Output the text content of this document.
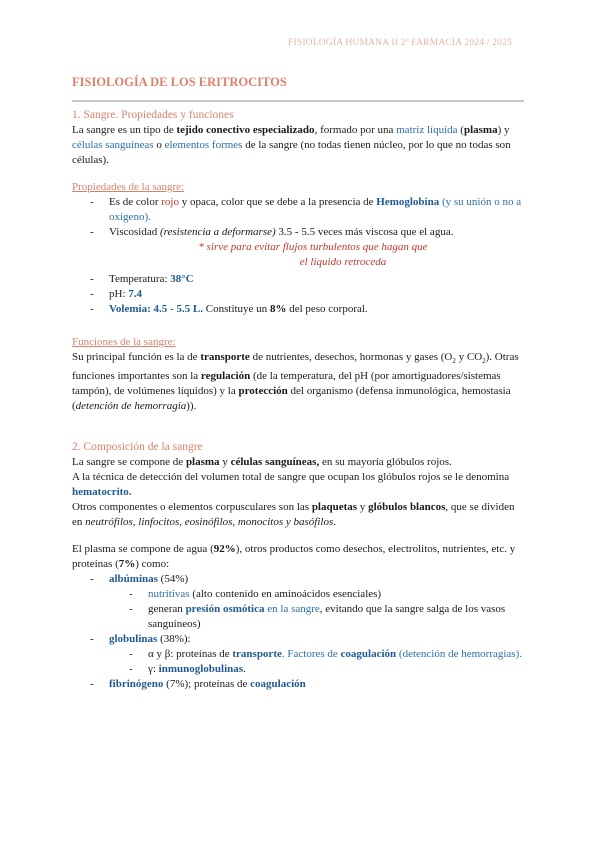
FISIOLOGÍA HUMANA II 2º FARMACIA 2024 / 2025
FISIOLOGÍA DE LOS ERITROCITOS

1. Sangre. Propiedades y funciones

La sangre es un tipo de tejido conectivo especializado, formado por una matriz líquida (plasma) y células sanguíneas o elementos formes de la sangre (no todas tienen núcleo, por lo que no todas son células).

Propiedades de la sangre:

- Es de color rojo y opaca, color que se debe a la presencia de Hemoglobina (y su unión o no a oxígeno).
- Viscosidad (resistencia a deformarse) 3.5 - 5.5 veces más viscosa que el agua.

* sirve para evitar flujos turbulentos que hagan que

el líquido retroceda

- Temperatura: 38°C
- pH: 7.4
- Volemia: 4.5 - 5.5 L. Constituye un 8% del peso corporal.

Funciones de la sangre:

Su principal función es la de transporte de nutrientes, desechos, hormonas y gases ($O_2$ y $CO_2$). Otras funciones importantes son la regulación (de la temperatura, del pH (por amortiguadores/sistemas tampón), de volúmenes líquidos) y la protección del organismo (defensa inmunológica, hemostasia (detención de hemorragia)).

2. Composición de la sangre

La sangre se compone de plasma y células sanguíneas, en su mayoría glóbulos rojos.

A la técnica de detección del volumen total de sangre que ocupan los glóbulos rojos se le denomina hematocrito.

Otros componentes o elementos corpusculares son las plaquetas y glóbulos blancos, que se dividen en neutrófilos, linfocitos, eosinófilos, monocitos y basófilos.

El plasma se compone de agua (92%), otros productos como desechos, electrolitos, nutrientes, etc. y proteínas (7%) como:

- albúminas (54%)
- nutritivas (alto contenido en aminoácidos esenciales)
- generan presión osmótica en la sangre, evitando que la sangre salga de los vasos sanguíneos)
- globulinas (38%):
- α y β: proteínas de transporte. Factores de coagulación (detención de hemorragias).
- γ: inmunoglobulinas.
- fibrinógeno (7%); proteínas de coagulación
